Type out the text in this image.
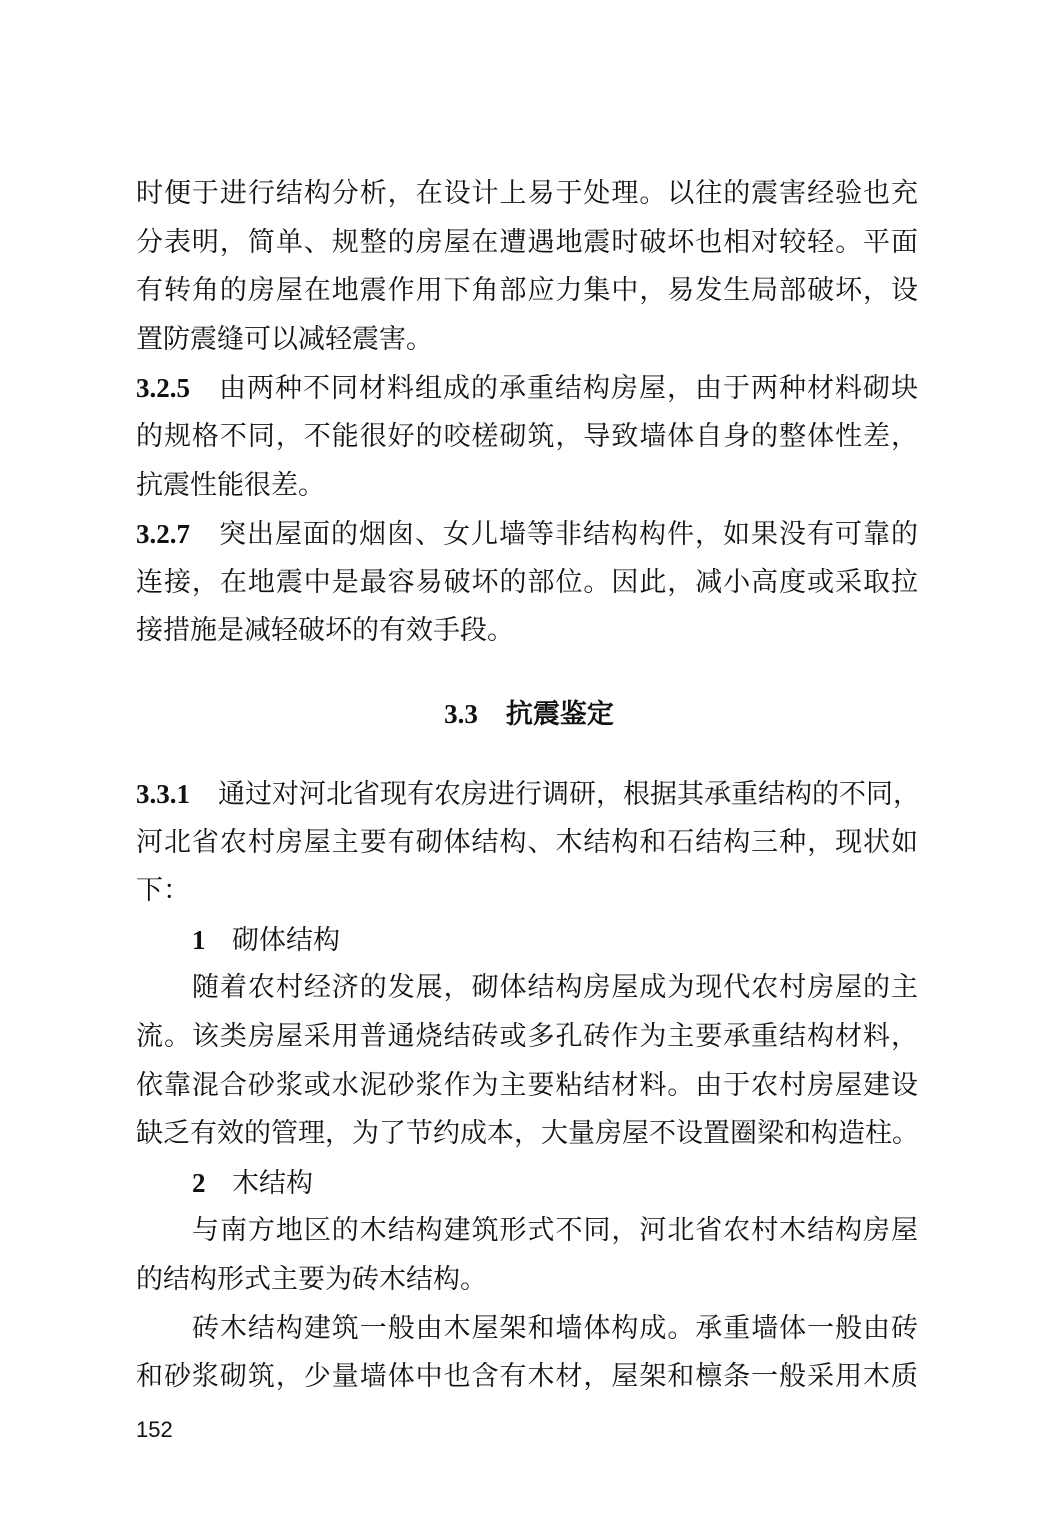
时便于进行结构分析，在设计上易于处理。以往的震害经验也充
分表明，简单、规整的房屋在遭遇地震时破坏也相对较轻。平面
有转角的房屋在地震作用下角部应力集中，易发生局部破坏，设
置防震缝可以减轻震害。
3.2.5 由两种不同材料组成的承重结构房屋，由于两种材料砌块
的规格不同，不能很好的咬槎砌筑，导致墙体自身的整体性差，
抗震性能很差。
3.2.7 突出屋面的烟囱、女儿墙等非结构构件，如果没有可靠的
连接，在地震中是最容易破坏的部位。因此，减小高度或采取拉
接措施是减轻破坏的有效手段。
3.3.1 通过对河北省现有农房进行调研，根据其承重结构的不同，
河北省农村房屋主要有砌体结构、木结构和石结构三种，现状如
下：
1 砌体结构
随着农村经济的发展，砌体结构房屋成为现代农村房屋的主
流。该类房屋采用普通烧结砖或多孔砖作为主要承重结构材料，
依靠混合砂浆或水泥砂浆作为主要粘结材料。由于农村房屋建设
缺乏有效的管理，为了节约成本，大量房屋不设置圈梁和构造柱。
2 木结构
与南方地区的木结构建筑形式不同，河北省农村木结构房屋
的结构形式主要为砖木结构。
砖木结构建筑一般由木屋架和墙体构成。承重墙体一般由砖
和砂浆砌筑，少量墙体中也含有木材，屋架和檩条一般采用木质
3.3 抗震鉴定
152
